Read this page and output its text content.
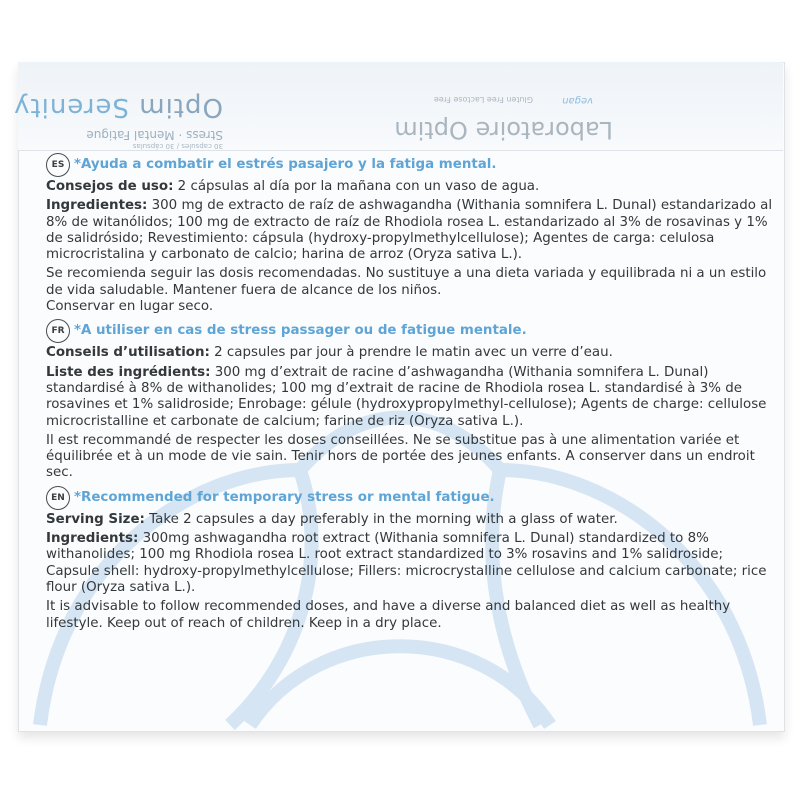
30 capsules / 30 cápsulas
Stress · Mental Fatigue
Optim Serenity
Laboratoire Optim
vegan
Gluten Free Lactose Free
ES *Ayuda a combatir el estrés pasajero y la fatiga mental.

Consejos de uso: 2 cápsulas al día por la mañana con un vaso de agua.

Ingredientes: 300 mg de extracto de raíz de ashwagandha (Withania somnifera L. Dunal) estandarizado al 8% de witanólidos; 100 mg de extracto de raíz de Rhodiola rosea L. estandarizado al 3% de rosavinas y 1% de salidrósido; Revestimiento: cápsula (hydroxy-propylmethylcellulose); Agentes de carga: celulosa microcristalina y carbonato de calcio; harina de arroz (Oryza sativa L.).

Se recomienda seguir las dosis recomendadas. No sustituye a una dieta variada y equilibrada ni a un estilo de vida saludable. Mantener fuera de alcance de los niños.

Conservar en lugar seco.

FR *A utiliser en cas de stress passager ou de fatigue mentale.

Conseils d’utilisation: 2 capsules par jour à prendre le matin avec un verre d’eau.

Liste des ingrédients: 300 mg d’extrait de racine d’ashwagandha (Withania somnifera L. Dunal) standardisé à 8% de withanolides; 100 mg d’extrait de racine de Rhodiola rosea L. standardisé à 3% de rosavines et 1% salidroside; Enrobage: gélule (hydroxypropylmethyl-cellulose); Agents de charge: cellulose microcristalline et carbonate de calcium; farine de riz (Oryza sativa L.).

Il est recommandé de respecter les doses conseillées. Ne se substitue pas à une alimentation variée et équilibrée et à un mode de vie sain. Tenir hors de portée des jeunes enfants. A conserver dans un endroit sec.

EN *Recommended for temporary stress or mental fatigue.

Serving Size: Take 2 capsules a day preferably in the morning with a glass of water.

Ingredients: 300mg ashwagandha root extract (Withania somnifera L. Dunal) standardized to 8% withanolides; 100 mg Rhodiola rosea L. root extract standardized to 3% rosavins and 1% salidroside; Capsule shell: hydroxy-propylmethylcellulose; Fillers: microcrystalline cellulose and calcium carbonate; rice flour (Oryza sativa L.).

It is advisable to follow recommended doses, and have a diverse and balanced diet as well as healthy lifestyle. Keep out of reach of children. Keep in a dry place.
